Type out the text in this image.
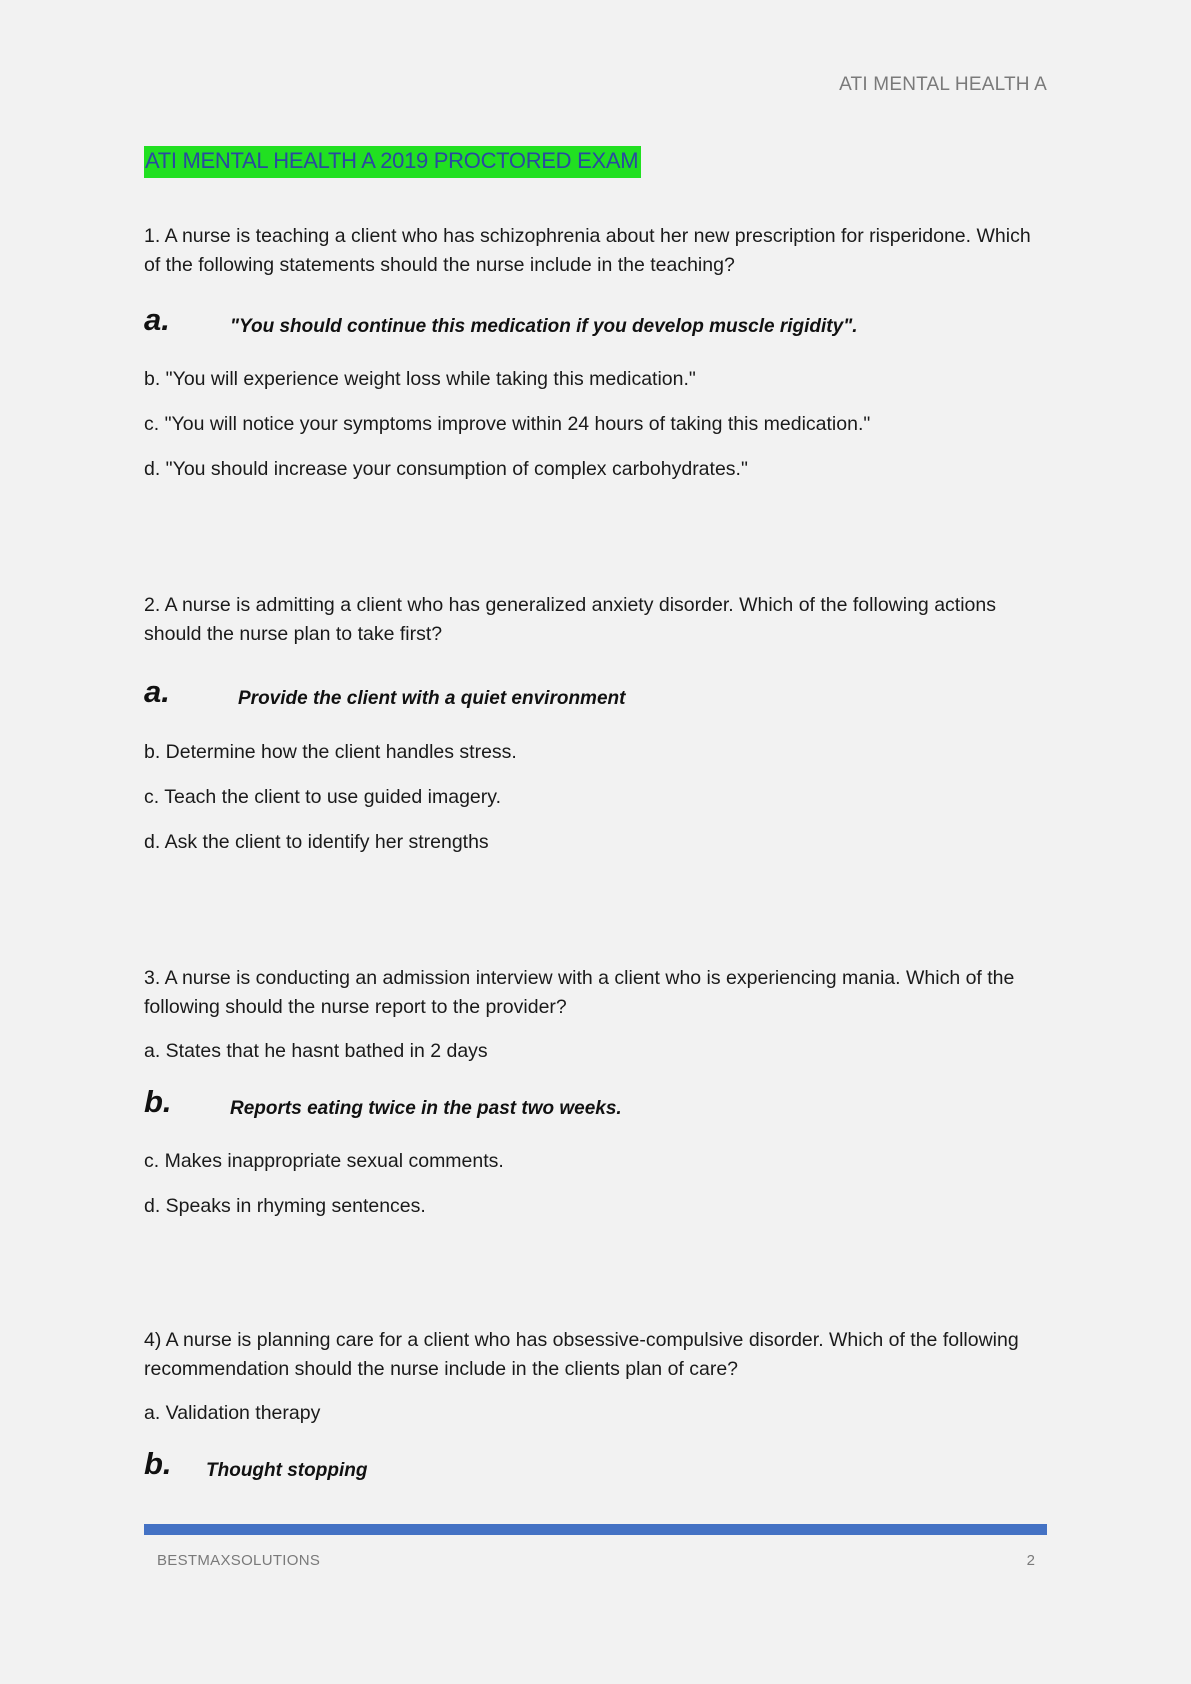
ATI MENTAL HEALTH A
ATI MENTAL HEALTH A 2019 PROCTORED EXAM
1. A nurse is teaching a client who has schizophrenia about her new prescription for risperidone. Which of the following statements should the nurse include in the teaching?
a.	"You should continue this medication if you develop muscle rigidity".
b. "You will experience weight loss while taking this medication."
c. "You will notice your symptoms improve within 24 hours of taking this medication."
d. "You should increase your consumption of complex carbohydrates."
2. A nurse is admitting a client who has generalized anxiety disorder. Which of the following actions should the nurse plan to take first?
a.	Provide the client with a quiet environment
b. Determine how the client handles stress.
c. Teach the client to use guided imagery.
d. Ask the client to identify her strengths
3. A nurse is conducting an admission interview with a client who is experiencing mania. Which of the following should the nurse report to the provider?
a. States that he hasnt bathed in 2 days
b.	Reports eating twice in the past two weeks.
c. Makes inappropriate sexual comments.
d. Speaks in rhyming sentences.
4) A nurse is planning care for a client who has obsessive-compulsive disorder. Which of the following recommendation should the nurse include in the clients plan of care?
a. Validation therapy
b. Thought stopping
BESTMAXSOLUTIONS	2
